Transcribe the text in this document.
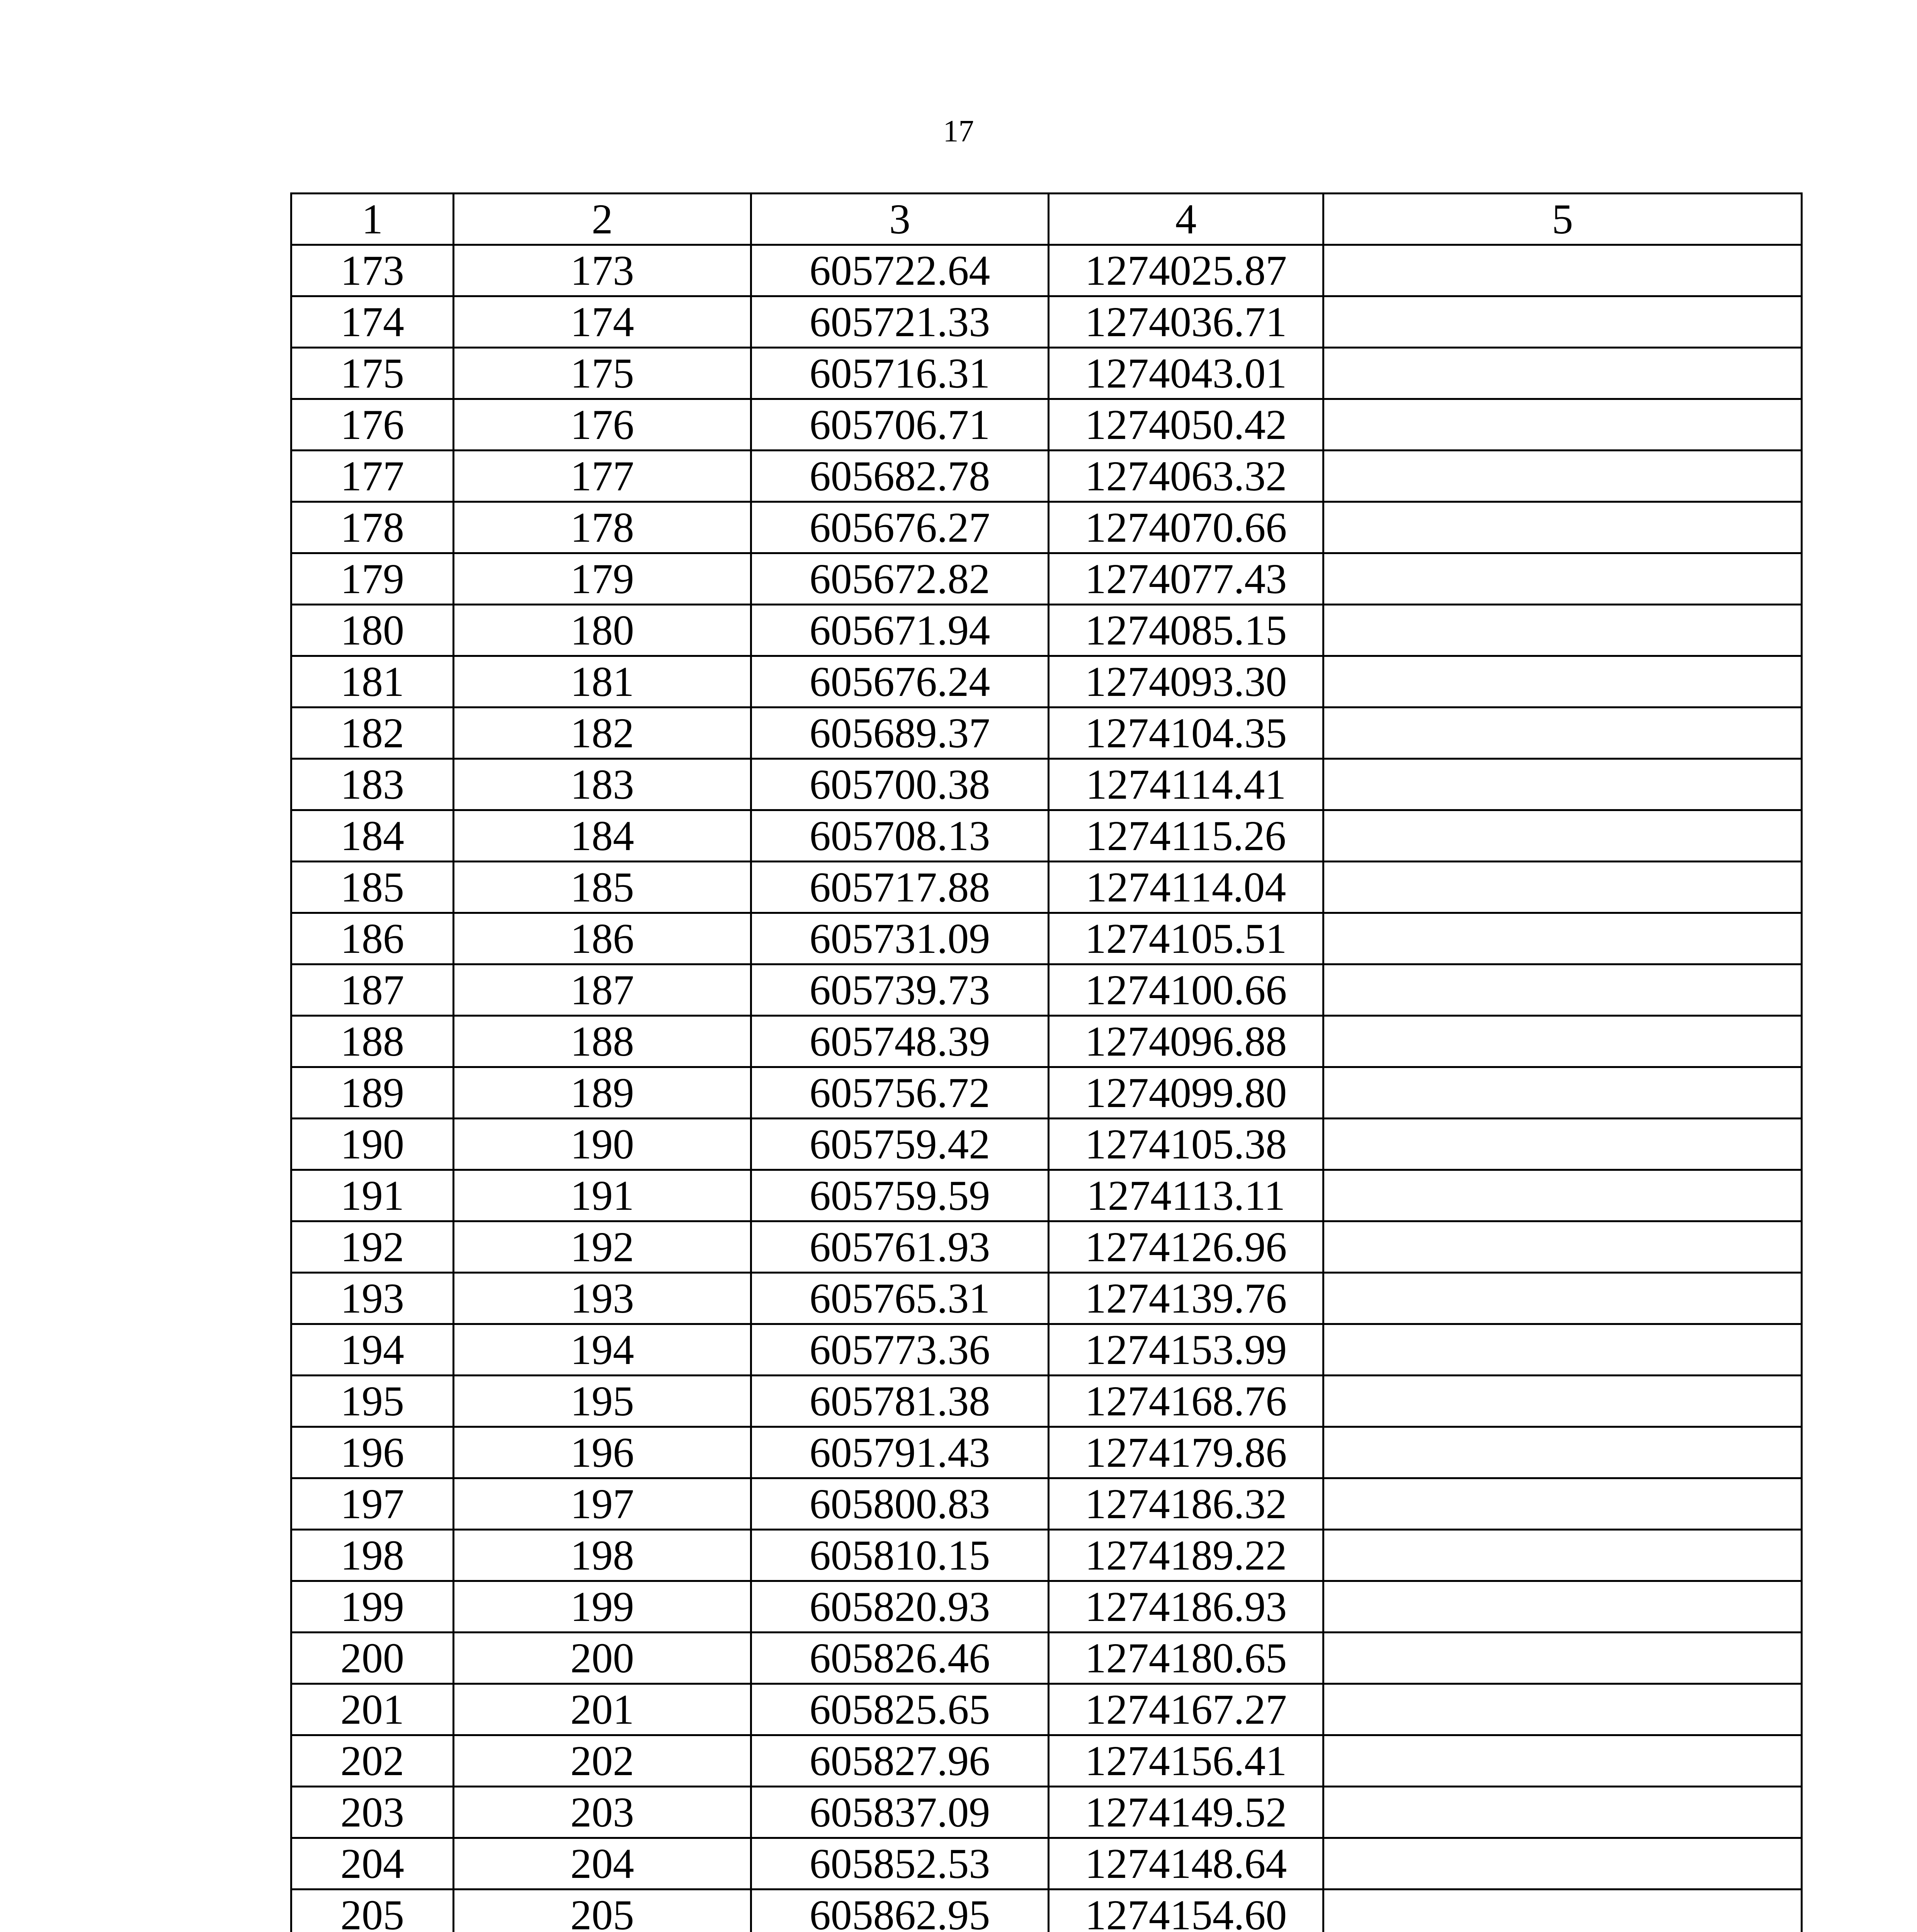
17
1	2	3	4	5
173	173	605722.64	1274025.87	
174	174	605721.33	1274036.71	
175	175	605716.31	1274043.01	
176	176	605706.71	1274050.42	
177	177	605682.78	1274063.32	
178	178	605676.27	1274070.66	
179	179	605672.82	1274077.43	
180	180	605671.94	1274085.15	
181	181	605676.24	1274093.30	
182	182	605689.37	1274104.35	
183	183	605700.38	1274114.41	
184	184	605708.13	1274115.26	
185	185	605717.88	1274114.04	
186	186	605731.09	1274105.51	
187	187	605739.73	1274100.66	
188	188	605748.39	1274096.88	
189	189	605756.72	1274099.80	
190	190	605759.42	1274105.38	
191	191	605759.59	1274113.11	
192	192	605761.93	1274126.96	
193	193	605765.31	1274139.76	
194	194	605773.36	1274153.99	
195	195	605781.38	1274168.76	
196	196	605791.43	1274179.86	
197	197	605800.83	1274186.32	
198	198	605810.15	1274189.22	
199	199	605820.93	1274186.93	
200	200	605826.46	1274180.65	
201	201	605825.65	1274167.27	
202	202	605827.96	1274156.41	
203	203	605837.09	1274149.52	
204	204	605852.53	1274148.64	
205	205	605862.95	1274154.60	
